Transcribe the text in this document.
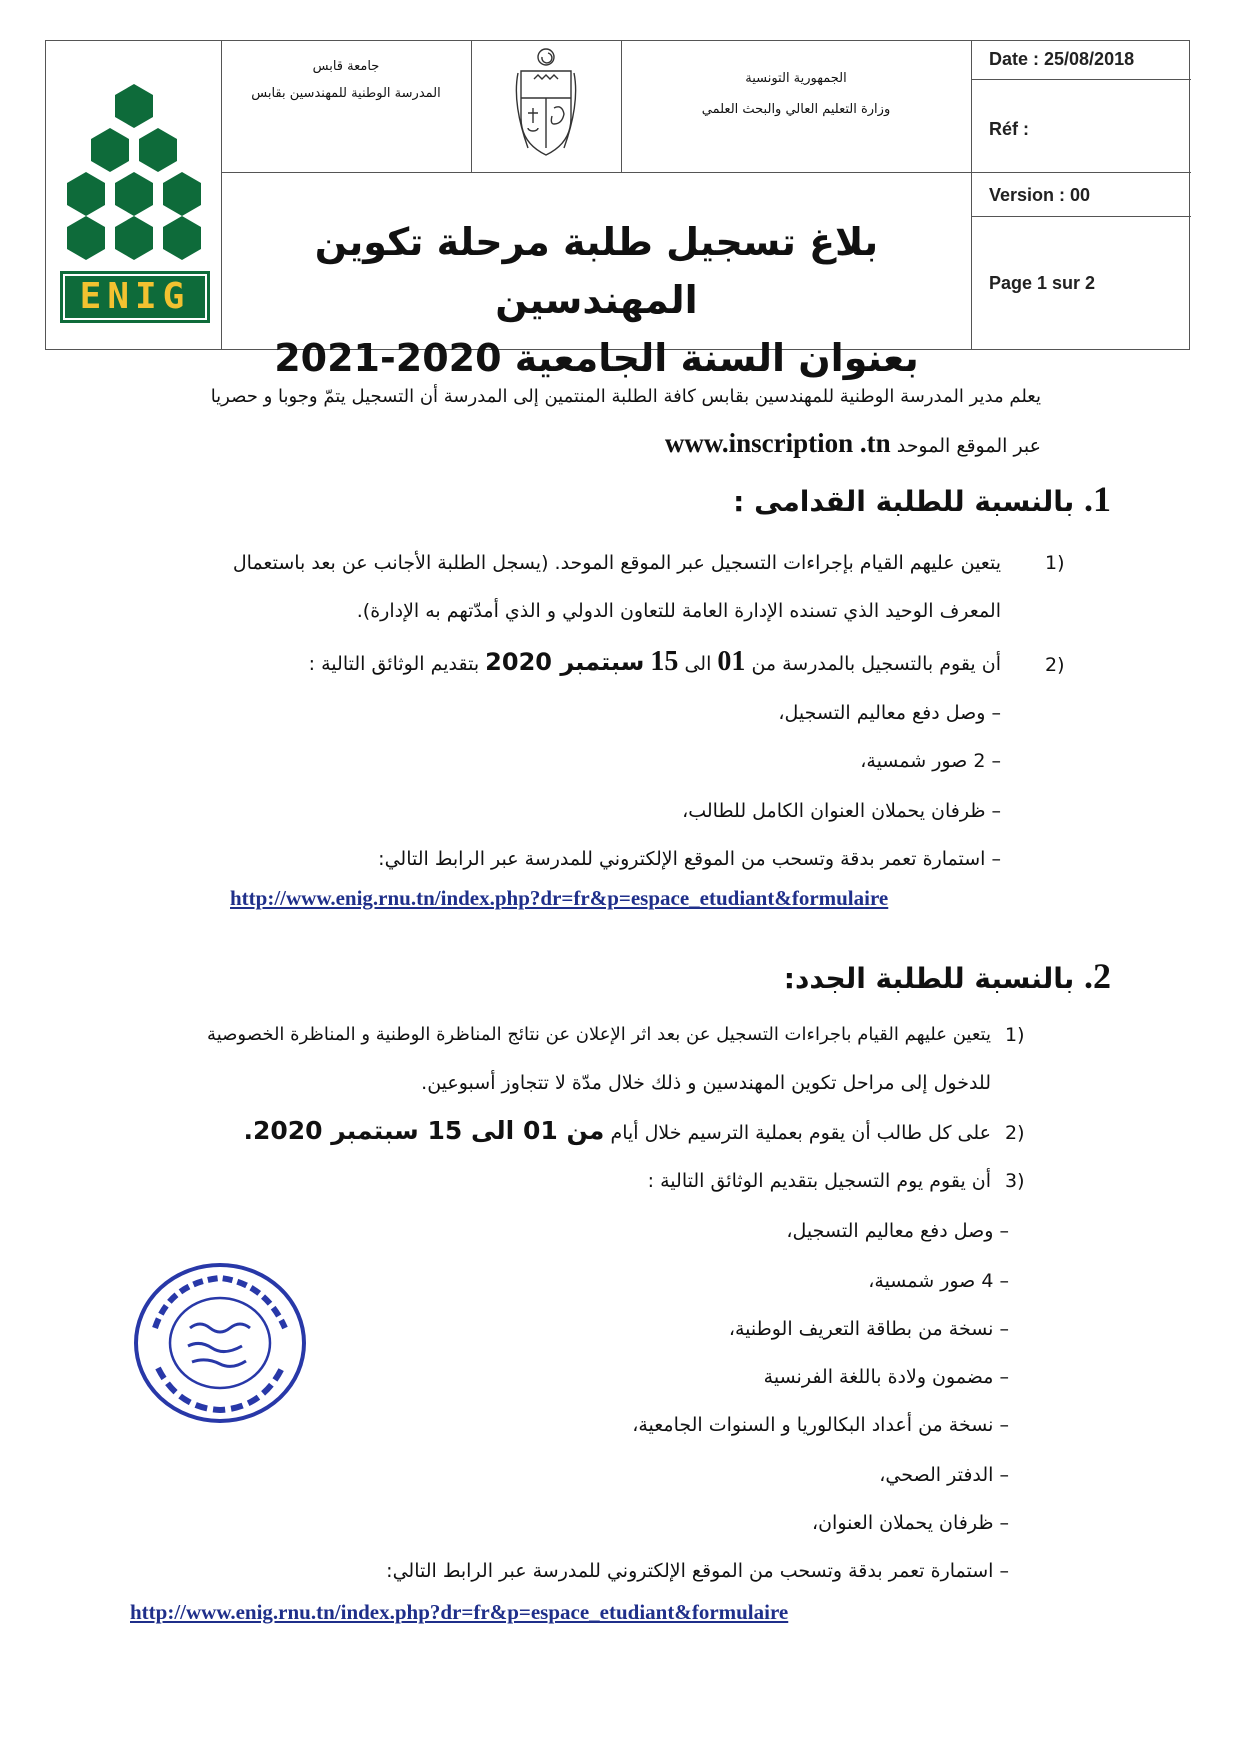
ENIG
جامعة قابس
المدرسة الوطنية للمهندسين بقابس
الجمهورية التونسية
وزارة التعليم العالي والبحث العلمي
Date : 25/08/2018
Réf :
Version : 00
Page 1 sur 2
بلاغ تسجيل طلبة مرحلة تكوين المهندسين
بعنوان السنة الجامعية 2020-2021
يعلم مدير المدرسة الوطنية للمهندسين بقابس كافة الطلبة المنتمين إلى المدرسة أن التسجيل يتمّ وجوبا و حصريا
عبر الموقع الموحد www.inscription .tn
1. بالنسبة للطلبة القدامى :
1)
يتعين عليهم القيام بإجراءات التسجيل عبر الموقع الموحد. (يسجل الطلبة الأجانب عن بعد باستعمال
المعرف الوحيد الذي تسنده الإدارة العامة للتعاون الدولي و الذي أمدّتهم به الإدارة).
2)
أن يقوم بالتسجيل بالمدرسة من 01 الى 15 سبتمبر 2020 بتقديم الوثائق التالية :
– وصل دفع معاليم التسجيل،
– 2 صور شمسية،
– ظرفان يحملان العنوان الكامل للطالب،
– استمارة تعمر بدقة وتسحب من الموقع الإلكتروني للمدرسة عبر الرابط التالي:
http://www.enig.rnu.tn/index.php?dr=fr&p=espace_etudiant&formulaire
2. بالنسبة للطلبة الجدد:
1)
يتعين عليهم القيام باجراءات التسجيل عن بعد اثر الإعلان عن نتائج المناظرة الوطنية و المناظرة الخصوصية
للدخول إلى مراحل تكوين المهندسين و ذلك خلال مدّة لا تتجاوز أسبوعين.
2)
على كل طالب أن يقوم بعملية الترسيم خلال أيام من 01 الى 15 سبتمبر 2020.
3)
أن يقوم يوم التسجيل بتقديم الوثائق التالية :
– وصل دفع معاليم التسجيل،
– 4 صور شمسية،
– نسخة من بطاقة التعريف الوطنية،
– مضمون ولادة باللغة الفرنسية
– نسخة من أعداد البكالوريا و السنوات الجامعية،
– الدفتر الصحي،
– ظرفان يحملان العنوان،
– استمارة تعمر بدقة وتسحب من الموقع الإلكتروني للمدرسة عبر الرابط التالي:
http://www.enig.rnu.tn/index.php?dr=fr&p=espace_etudiant&formulaire
